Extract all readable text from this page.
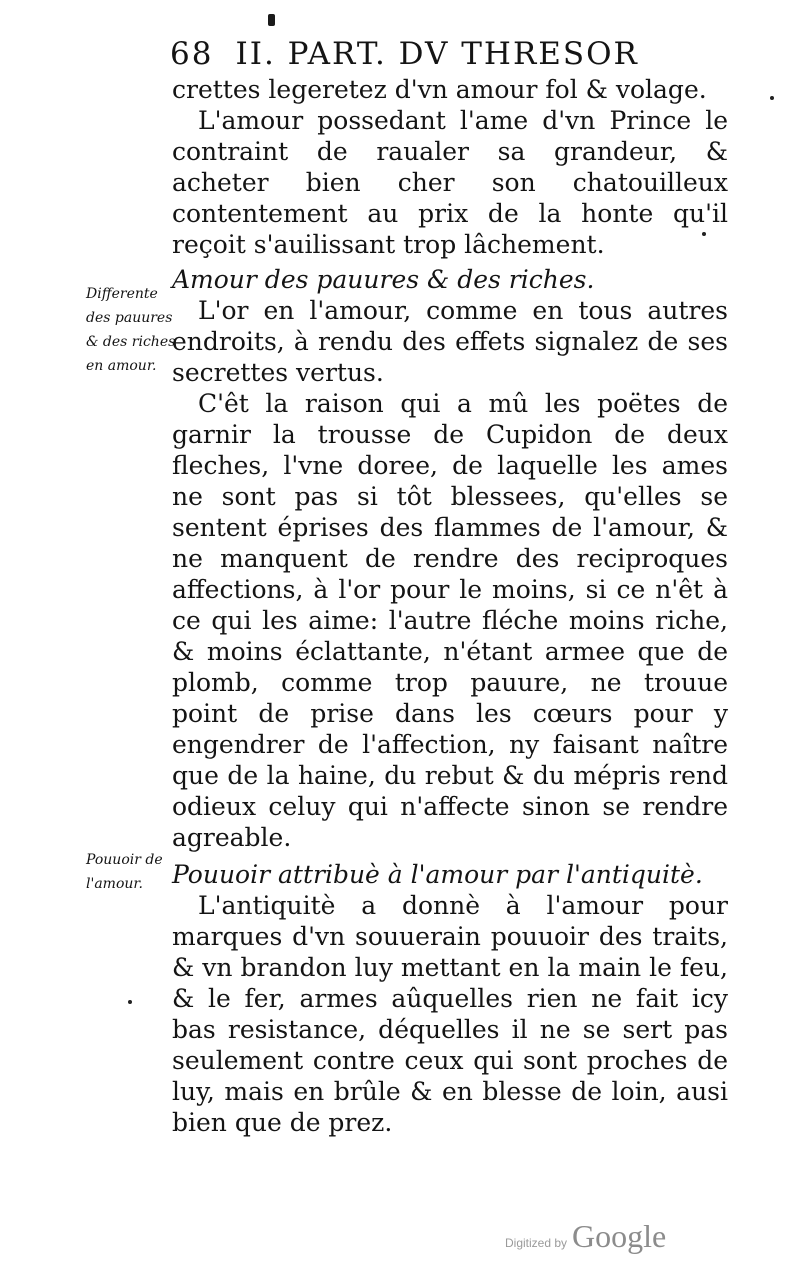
68 II. PART. DV THRESOR
Differente des pauures & des riches en amour.
Pouuoir de l'amour.

crettes legeretez d'vn amour fol & volage.

L'amour possedant l'ame d'vn Prince le contraint de raualer sa grandeur, & acheter bien cher son chatouilleux contentement au prix de la honte qu'il reçoit s'auilissant trop lâchement.

Amour des pauures & des riches.

L'or en l'amour, comme en tous autres endroits, à rendu des effets signalez de ses secrettes vertus.

C'êt la raison qui a mû les poëtes de garnir la trousse de Cupidon de deux fleches, l'vne doree, de laquelle les ames ne sont pas si tôt blessees, qu'elles se sentent éprises des flammes de l'amour, & ne manquent de rendre des reciproques affections, à l'or pour le moins, si ce n'êt à ce qui les aime: l'autre fléche moins riche, & moins éclattante, n'étant armee que de plomb, comme trop pauure, ne trouue point de prise dans les cœurs pour y engendrer de l'affection, ny faisant naître que de la haine, du rebut & du mépris rend odieux celuy qui n'affecte sinon se rendre agreable.

Pouuoir attribuè à l'amour par l'antiquitè.

L'antiquitè a donnè à l'amour pour marques d'vn souuerain pouuoir des traits, & vn brandon luy mettant en la main le feu, & le fer, armes aûquelles rien ne fait icy bas resistance, déquelles il ne se sert pas seulement contre ceux qui sont proches de luy, mais en brûle & en blesse de loin, ausi bien que de prez.

Digitized by Google
